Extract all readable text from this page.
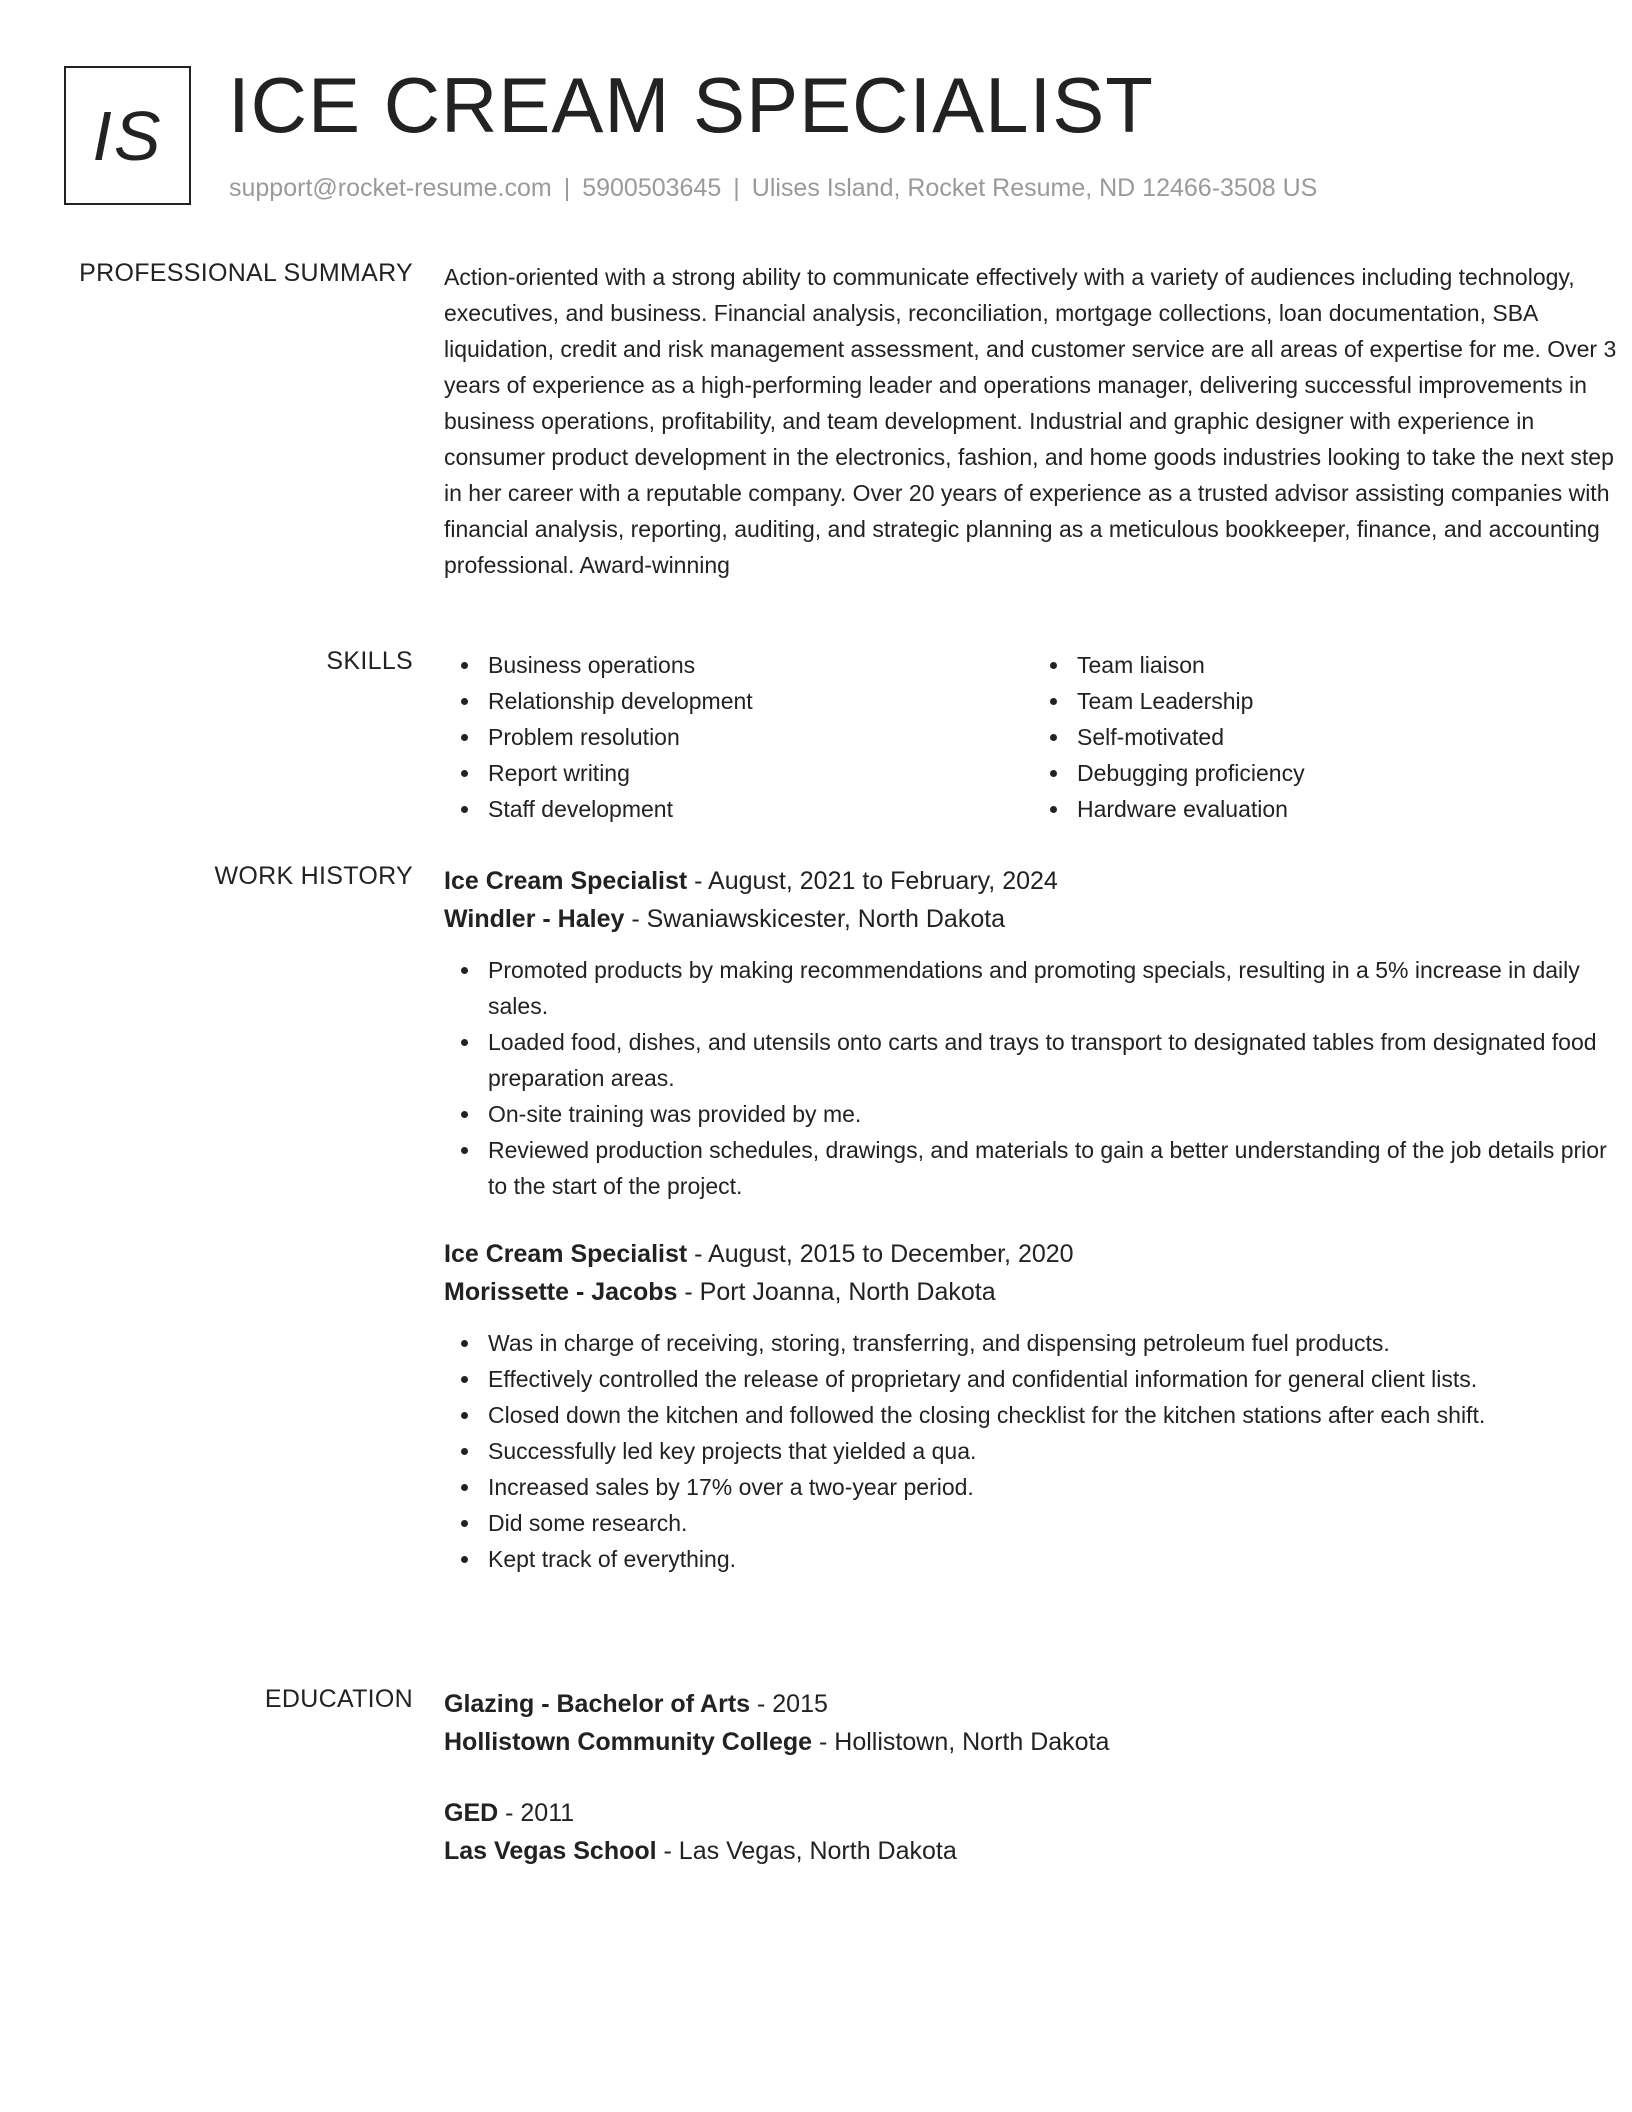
IS ICE CREAM SPECIALIST
support@rocket-resume.com | 5900503645 | Ulises Island, Rocket Resume, ND 12466-3508 US
PROFESSIONAL SUMMARY Action-oriented with a strong ability to communicate effectively with a variety of audiences including technology, executives, and business. Financial analysis, reconciliation, mortgage collections, loan documentation, SBA liquidation, credit and risk management assessment, and customer service are all areas of expertise for me. Over 3 years of experience as a high-performing leader and operations manager, delivering successful improvements in business operations, profitability, and team development. Industrial and graphic designer with experience in consumer product development in the electronics, fashion, and home goods industries looking to take the next step in her career with a reputable company. Over 20 years of experience as a trusted advisor assisting companies with financial analysis, reporting, auditing, and strategic planning as a meticulous bookkeeper, finance, and accounting professional. Award-winning

SKILLS	Business operations
Relationship development
Problem resolution
Report writing
Staff development
Team liaison
Team Leadership
Self-motivated
Debugging proficiency
Hardware evaluation
WORK HISTORY Ice Cream Specialist - August, 2021 to February, 2024
Windler - Haley - Swaniawskicester, North Dakota
Promoted products by making recommendations and promoting specials, resulting in a 5% increase in daily sales.
Loaded food, dishes, and utensils onto carts and trays to transport to designated tables from designated food preparation areas.
On-site training was provided by me.
Reviewed production schedules, drawings, and materials to gain a better understanding of the job details prior to the start of the project.
Ice Cream Specialist - August, 2015 to December, 2020
Morissette - Jacobs - Port Joanna, North Dakota
Was in charge of receiving, storing, transferring, and dispensing petroleum fuel products.
Effectively controlled the release of proprietary and confidential information for general client lists.
Closed down the kitchen and followed the closing checklist for the kitchen stations after each shift.
Successfully led key projects that yielded a qua.
Increased sales by 17% over a two-year period.
Did some research.
Kept track of everything.
EDUCATION Glazing - Bachelor of Arts - 2015
Hollistown Community College - Hollistown, North Dakota
GED - 2011
Las Vegas School - Las Vegas, North Dakota
